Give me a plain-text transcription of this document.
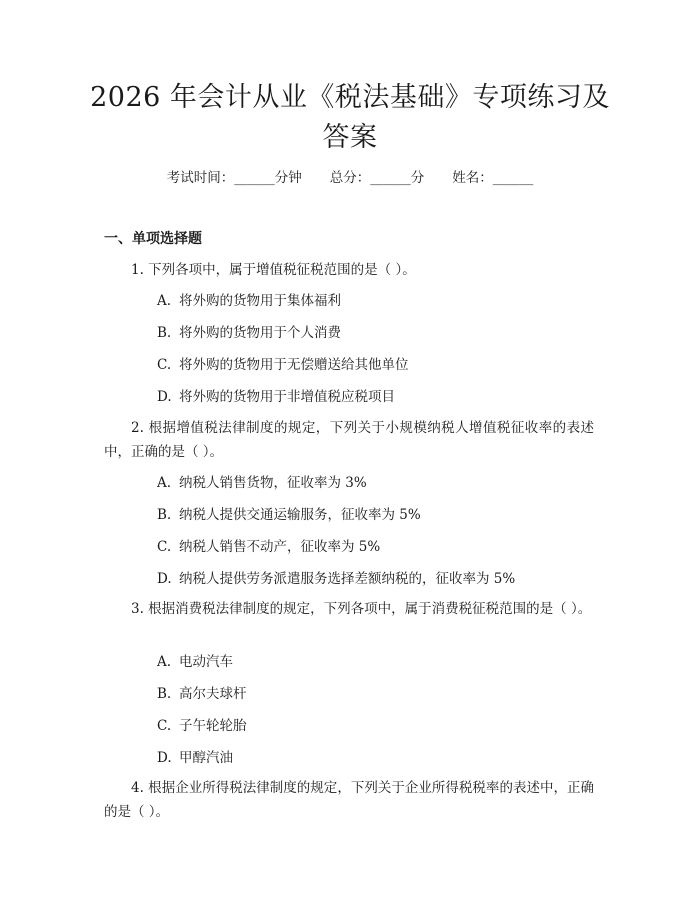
2026 年会计从业《税法基础》专项练习及答案
考试时间：______分钟 总分：______分 姓名：______
一、单项选择题
1. 下列各项中，属于增值税征税范围的是（ ）。
A. 将外购的货物用于集体福利
B. 将外购的货物用于个人消费
C. 将外购的货物用于无偿赠送给其他单位
D. 将外购的货物用于非增值税应税项目
2. 根据增值税法律制度的规定，下列关于小规模纳税人增值税征收率的表述中，正确的是（ ）。
A. 纳税人销售货物，征收率为 3%
B. 纳税人提供交通运输服务，征收率为 5%
C. 纳税人销售不动产，征收率为 5%
D. 纳税人提供劳务派遣服务选择差额纳税的，征收率为 5%
3. 根据消费税法律制度的规定，下列各项中，属于消费税征税范围的是（ ）。
A. 电动汽车
B. 高尔夫球杆
C. 子午轮轮胎
D. 甲醇汽油
4. 根据企业所得税法律制度的规定，下列关于企业所得税税率的表述中，正确的是（ ）。
